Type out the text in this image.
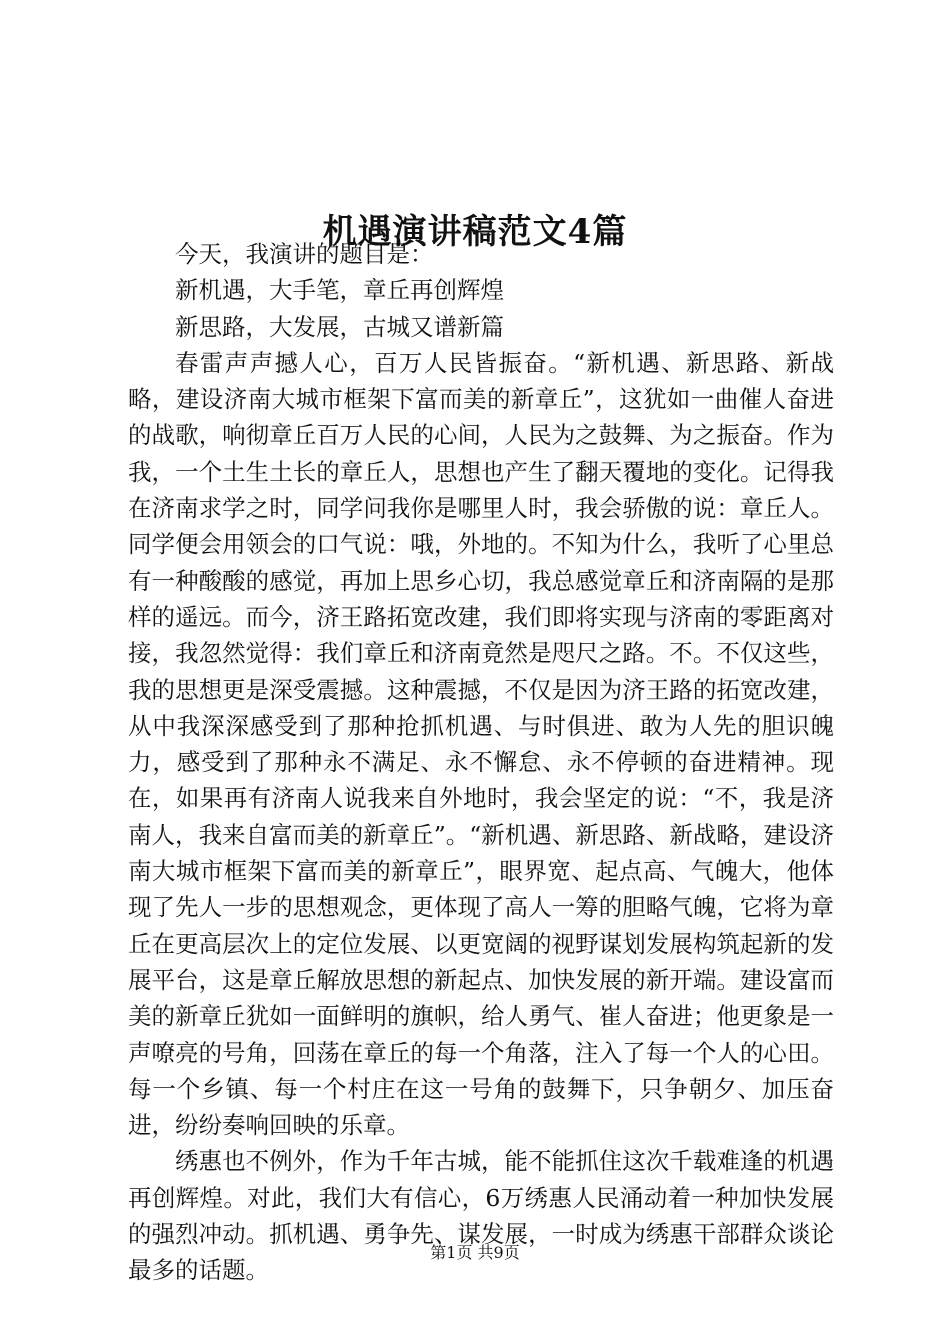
机遇演讲稿范文4篇

今天，我演讲的题目是：

新机遇，大手笔，章丘再创辉煌

新思路，大发展，古城又谱新篇

春雷声声撼人心，百万人民皆振奋。“新机遇、新思路、新战略，建设济南大城市框架下富而美的新章丘”，这犹如一曲催人奋进的战歌，响彻章丘百万人民的心间，人民为之鼓舞、为之振奋。作为我，一个土生土长的章丘人，思想也产生了翻天覆地的变化。记得我在济南求学之时，同学问我你是哪里人时，我会骄傲的说：章丘人。同学便会用领会的口气说：哦，外地的。不知为什么，我听了心里总有一种酸酸的感觉，再加上思乡心切，我总感觉章丘和济南隔的是那样的遥远。而今，济王路拓宽改建，我们即将实现与济南的零距离对接，我忽然觉得：我们章丘和济南竟然是咫尺之路。不。不仅这些，我的思想更是深受震撼。这种震撼，不仅是因为济王路的拓宽改建，从中我深深感受到了那种抢抓机遇、与时俱进、敢为人先的胆识魄力，感受到了那种永不满足、永不懈怠、永不停顿的奋进精神。现在，如果再有济南人说我来自外地时，我会坚定的说：“不，我是济南人，我来自富而美的新章丘”。“新机遇、新思路、新战略，建设济南大城市框架下富而美的新章丘”，眼界宽、起点高、气魄大，他体现了先人一步的思想观念，更体现了高人一筹的胆略气魄，它将为章丘在更高层次上的定位发展、以更宽阔的视野谋划发展构筑起新的发展平台，这是章丘解放思想的新起点、加快发展的新开端。建设富而美的新章丘犹如一面鲜明的旗帜，给人勇气、崔人奋进；他更象是一声嘹亮的号角，回荡在章丘的每一个角落，注入了每一个人的心田。每一个乡镇、每一个村庄在这一号角的鼓舞下，只争朝夕、加压奋进，纷纷奏响回映的乐章。

绣惠也不例外，作为千年古城，能不能抓住这次千载难逢的机遇再创辉煌。对此，我们大有信心，6万绣惠人民涌动着一种加快发展的强烈冲动。抓机遇、勇争先、谋发展，一时成为绣惠干部群众谈论最多的话题。

第1页 共9页
